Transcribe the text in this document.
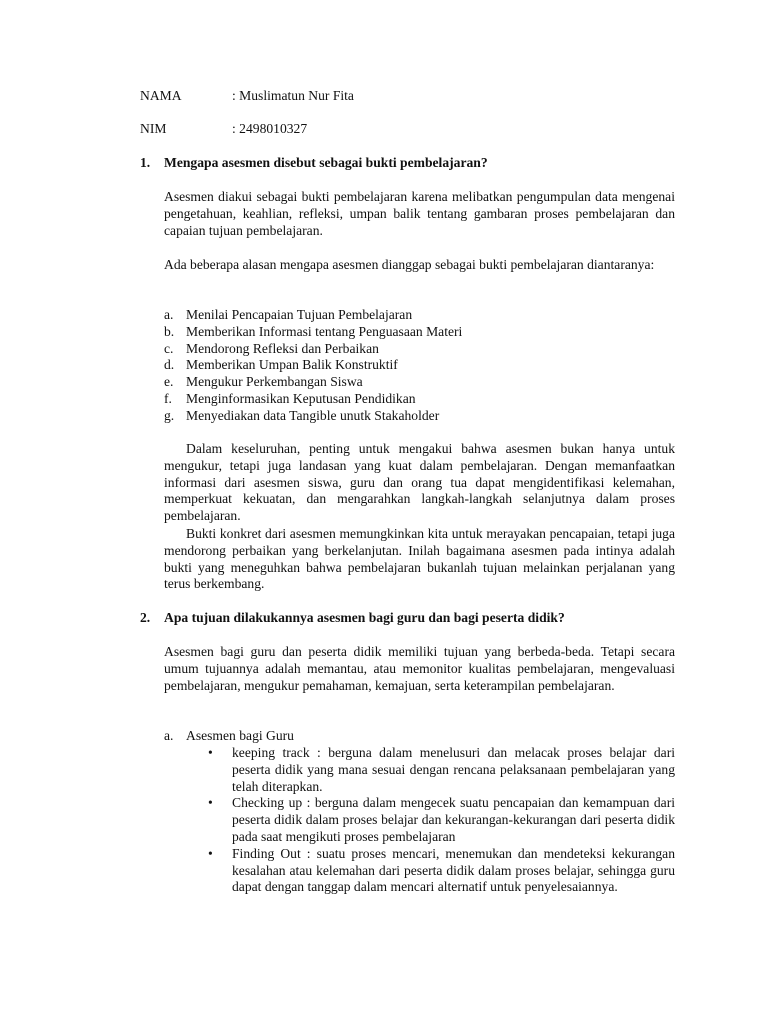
NAMA	: Muslimatun Nur Fita
NIM	: 2498010327
1. Mengapa asesmen disebut sebagai bukti pembelajaran?
Asesmen diakui sebagai bukti pembelajaran karena melibatkan pengumpulan data mengenai pengetahuan, keahlian, refleksi, umpan balik tentang gambaran proses pembelajaran dan capaian tujuan pembelajaran.
Ada beberapa alasan mengapa asesmen dianggap sebagai bukti pembelajaran diantaranya:
a. Menilai Pencapaian Tujuan Pembelajaran
b. Memberikan Informasi tentang Penguasaan Materi
c. Mendorong Refleksi dan Perbaikan
d. Memberikan Umpan Balik Konstruktif
e. Mengukur Perkembangan Siswa
f. Menginformasikan Keputusan Pendidikan
g. Menyediakan data Tangible unutk Stakaholder
Dalam keseluruhan, penting untuk mengakui bahwa asesmen bukan hanya untuk mengukur, tetapi juga landasan yang kuat dalam pembelajaran. Dengan memanfaatkan informasi dari asesmen siswa, guru dan orang tua dapat mengidentifikasi kelemahan, memperkuat kekuatan, dan mengarahkan langkah-langkah selanjutnya dalam proses pembelajaran.
Bukti konkret dari asesmen memungkinkan kita untuk merayakan pencapaian, tetapi juga mendorong perbaikan yang berkelanjutan. Inilah bagaimana asesmen pada intinya adalah bukti yang meneguhkan bahwa pembelajaran bukanlah tujuan melainkan perjalanan yang terus berkembang.
2. Apa tujuan dilakukannya asesmen bagi guru dan bagi peserta didik?
Asesmen bagi guru dan peserta didik memiliki tujuan yang berbeda-beda. Tetapi secara umum tujuannya adalah memantau, atau memonitor kualitas pembelajaran, mengevaluasi pembelajaran, mengukur pemahaman, kemajuan, serta keterampilan pembelajaran.
a. Asesmen bagi Guru
• keeping track : berguna dalam menelusuri dan melacak proses belajar dari peserta didik yang mana sesuai dengan rencana pelaksanaan pembelajaran yang telah diterapkan.
• Checking up : berguna dalam mengecek suatu pencapaian dan kemampuan dari peserta didik dalam proses belajar dan kekurangan-kekurangan dari peserta didik pada saat mengikuti proses pembelajaran
• Finding Out : suatu proses mencari, menemukan dan mendeteksi kekurangan kesalahan atau kelemahan dari peserta didik dalam proses belajar, sehingga guru dapat dengan tanggap dalam mencari alternatif untuk penyelesaiannya.
